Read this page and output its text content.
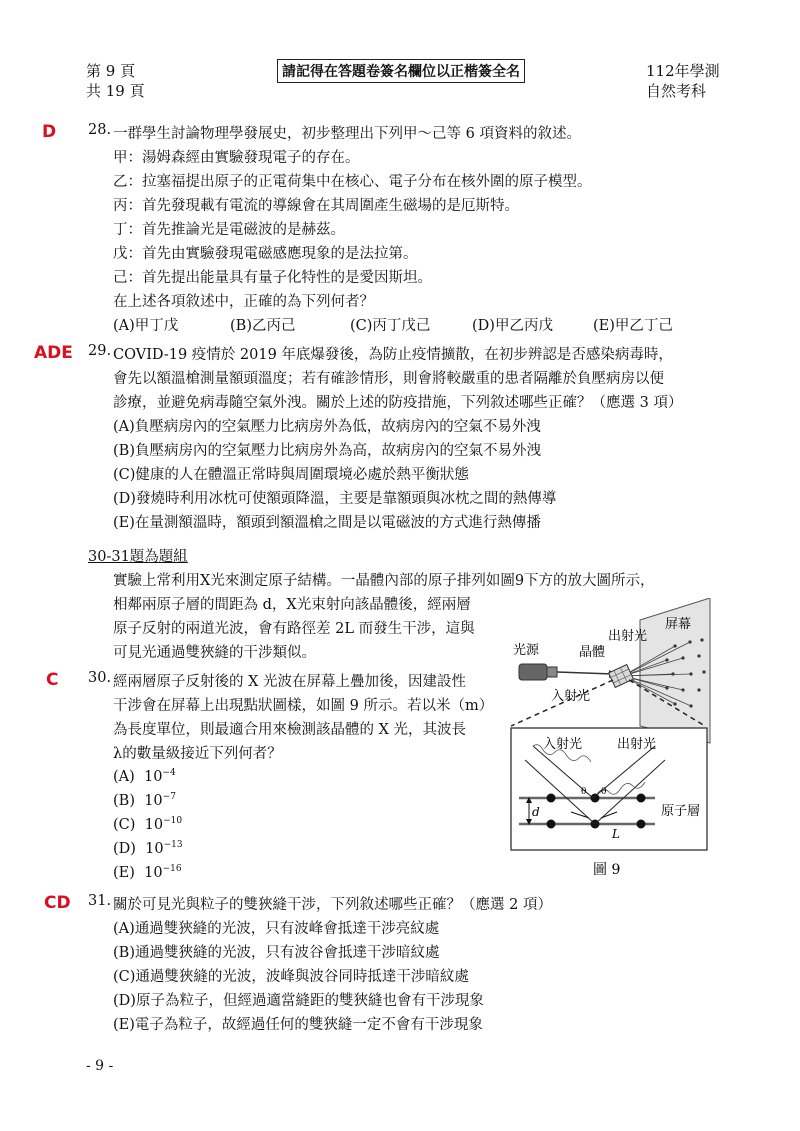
第 9 頁
共 19 頁
請記得在答題卷簽名欄位以正楷簽全名	112年學測
自然考科
D 28. 一群學生討論物理學發展史，初步整理出下列甲～己等 6 項資料的敘述。
甲：湯姆森經由實驗發現電子的存在。
乙：拉塞福提出原子的正電荷集中在核心、電子分布在核外圍的原子模型。
丙：首先發現載有電流的導線會在其周圍產生磁場的是厄斯特。
丁：首先推論光是電磁波的是赫茲。
戊：首先由實驗發現電磁感應現象的是法拉第。
己：首先提出能量具有量子化特性的是愛因斯坦。
在上述各項敘述中，正確的為下列何者？
(A)甲丁戊	(B)乙丙己	(C)丙丁戊己	(D)甲乙丙戊	(E)甲乙丁己
ADE 29. COVID-19 疫情於 2019 年底爆發後，為防止疫情擴散，在初步辨認是否感染病毒時，
會先以額溫槍測量額頭溫度；若有確診情形，則會將較嚴重的患者隔離於負壓病房以便
診療，並避免病毒隨空氣外洩。關於上述的防疫措施，下列敘述哪些正確？（應選 3 項）
(A)負壓病房內的空氣壓力比病房外為低，故病房內的空氣不易外洩
(B)負壓病房內的空氣壓力比病房外為高，故病房內的空氣不易外洩
(C)健康的人在體溫正常時與周圍環境必處於熱平衡狀態
(D)發燒時利用冰枕可使額頭降溫，主要是靠額頭與冰枕之間的熱傳導
(E)在量測額溫時，額頭到額溫槍之間是以電磁波的方式進行熱傳播
30-31題為題組
實驗上常利用X光來測定原子結構。一晶體內部的原子排列如圖9下方的放大圖所示，
相鄰兩原子層的間距為 d，X光束射向該晶體後，經兩層
原子反射的兩道光波，會有路徑差 2L 而發生干涉，這與
可見光通過雙狹縫的干涉類似。
C 30. 經兩層原子反射後的 X 光波在屏幕上疊加後，因建設性
干涉會在屏幕上出現點狀圖樣，如圖 9 所示。若以米（m）
為長度單位，則最適合用來檢測該晶體的 X 光，其波長
λ的數量級接近下列何者？
(A) $10^{-4}$
(B) $10^{-7}$
(C) $10^{-10}$
(D) $10^{-13}$
(E) $10^{-16}$
光源	晶體
入射光
出射光
屏幕
d
L
θ θ
入射光	出射光
原子層
圖 9
CD 31. 關於可見光與粒子的雙狹縫干涉，下列敘述哪些正確？（應選 2 項）
(A)通過雙狹縫的光波，只有波峰會抵達干涉亮紋處
(B)通過雙狹縫的光波，只有波谷會抵達干涉暗紋處
(C)通過雙狹縫的光波，波峰與波谷同時抵達干涉暗紋處
(D)原子為粒子，但經過適當縫距的雙狹縫也會有干涉現象
(E)電子為粒子，故經過任何的雙狹縫一定不會有干涉現象
- 9 -
